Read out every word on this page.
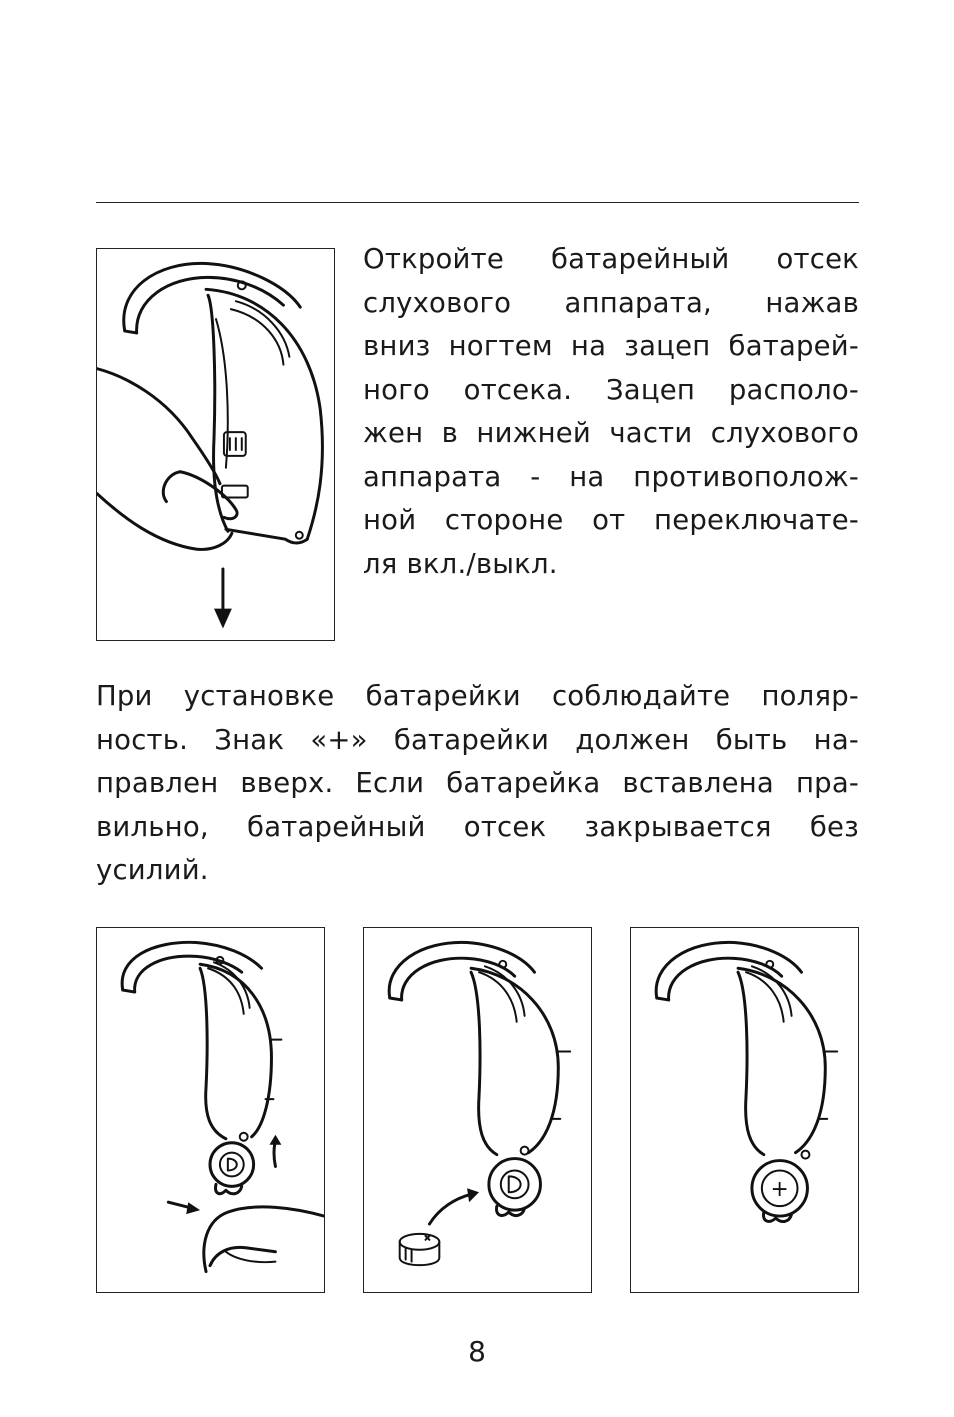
Откройте батарейный отсек
слухового аппарата, нажав
вниз ногтем на зацеп батарей-
ного отсека. Зацеп располо-
жен в нижней части слухового
аппарата - на противополож-
ной стороне от переключате-
ля вкл./выкл.

При установке батарейки соблюдайте поляр-
ность. Знак «+» батарейки должен быть на-
правлен вверх. Если батарейка вставлена пра-
вильно, батарейный отсек закрывается без
усилий.

+
8
